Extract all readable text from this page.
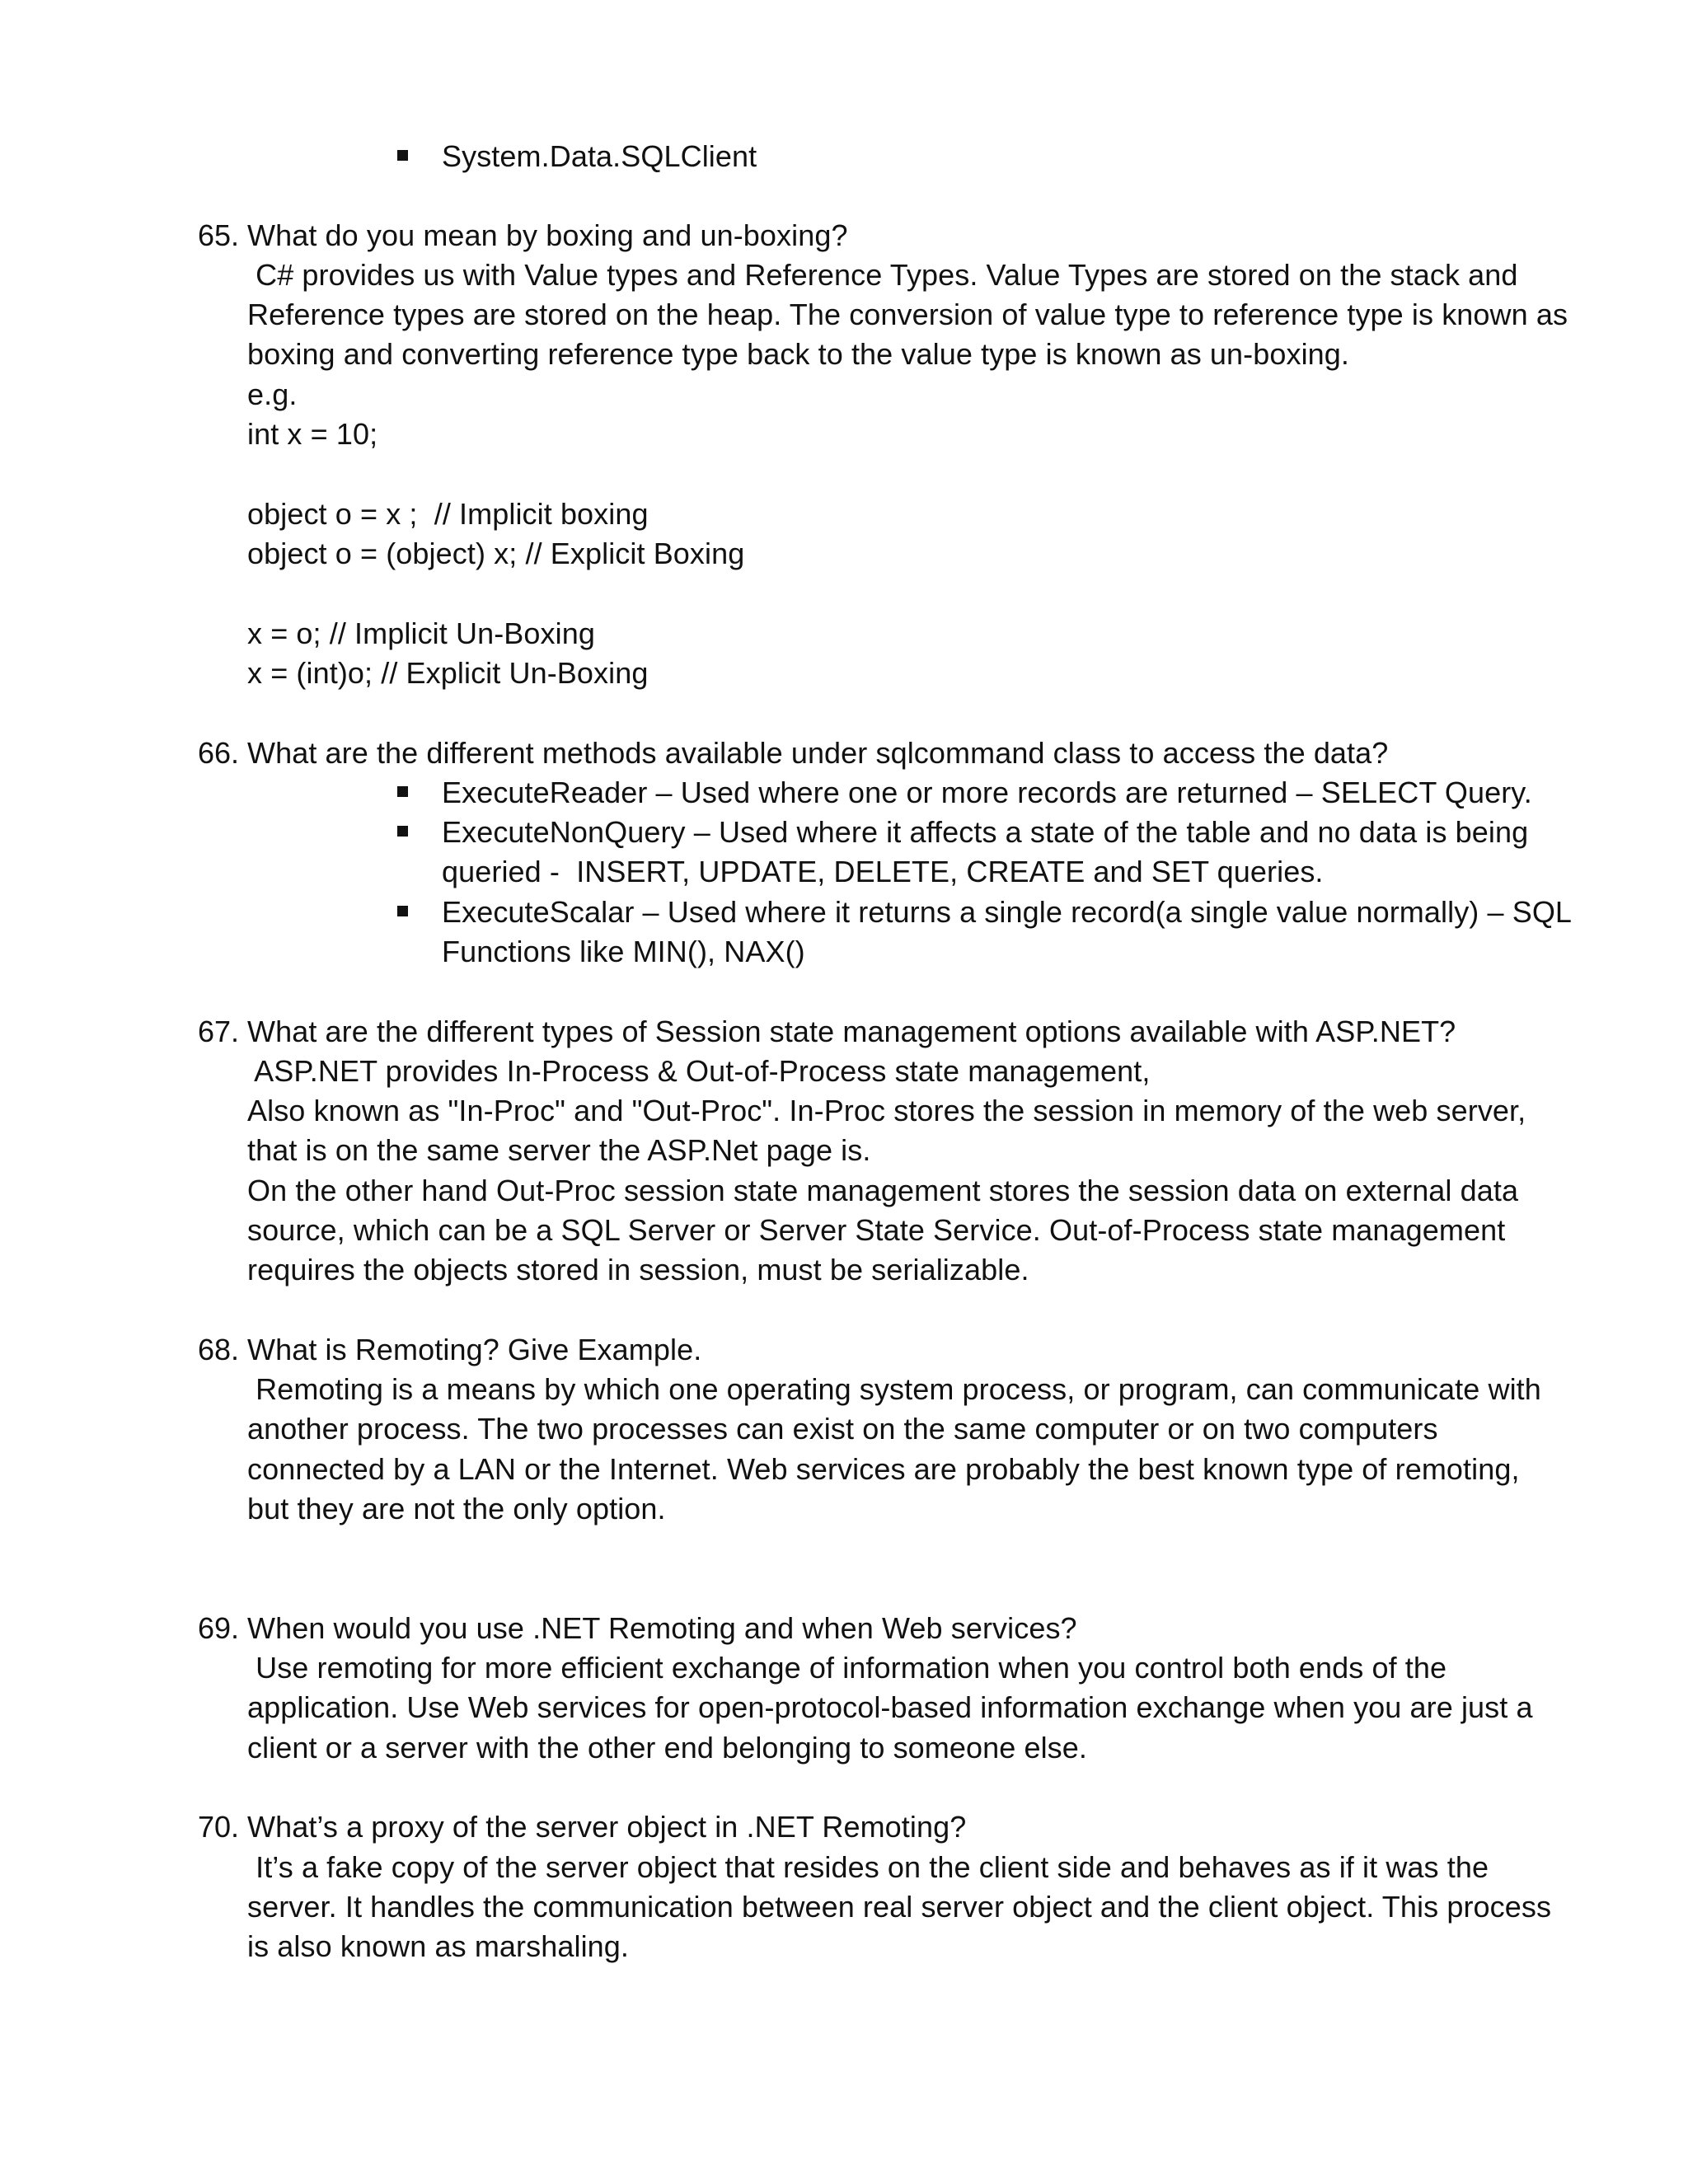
System.Data.SQLClient
65. What do you mean by boxing and un-boxing?
C# provides us with Value types and Reference Types. Value Types are stored on the stack and
Reference types are stored on the heap. The conversion of value type to reference type is known as
boxing and converting reference type back to the value type is known as un-boxing.
e.g.
int x = 10;
object o = x ;  // Implicit boxing
object o = (object) x; // Explicit Boxing
x = o; // Implicit Un-Boxing
x = (int)o; // Explicit Un-Boxing
66. What are the different methods available under sqlcommand class to access the data?
ExecuteReader – Used where one or more records are returned – SELECT Query.
ExecuteNonQuery – Used where it affects a state of the table and no data is being
queried -  INSERT, UPDATE, DELETE, CREATE and SET queries.
ExecuteScalar – Used where it returns a single record(a single value normally) – SQL
Functions like MIN(), NAX()
67. What are the different types of Session state management options available with ASP.NET?
ASP.NET provides In-Process & Out-of-Process state management,
Also known as "In-Proc" and "Out-Proc". In-Proc stores the session in memory of the web server,
that is on the same server the ASP.Net page is.
On the other hand Out-Proc session state management stores the session data on external data
source, which can be a SQL Server or Server State Service. Out-of-Process state management
requires the objects stored in session, must be serializable.
68. What is Remoting? Give Example.
Remoting is a means by which one operating system process, or program, can communicate with
another process. The two processes can exist on the same computer or on two computers
connected by a LAN or the Internet. Web services are probably the best known type of remoting,
but they are not the only option.
69. When would you use .NET Remoting and when Web services?
Use remoting for more efficient exchange of information when you control both ends of the
application. Use Web services for open-protocol-based information exchange when you are just a
client or a server with the other end belonging to someone else.
70. What’s a proxy of the server object in .NET Remoting?
It’s a fake copy of the server object that resides on the client side and behaves as if it was the
server. It handles the communication between real server object and the client object. This process
is also known as marshaling.
